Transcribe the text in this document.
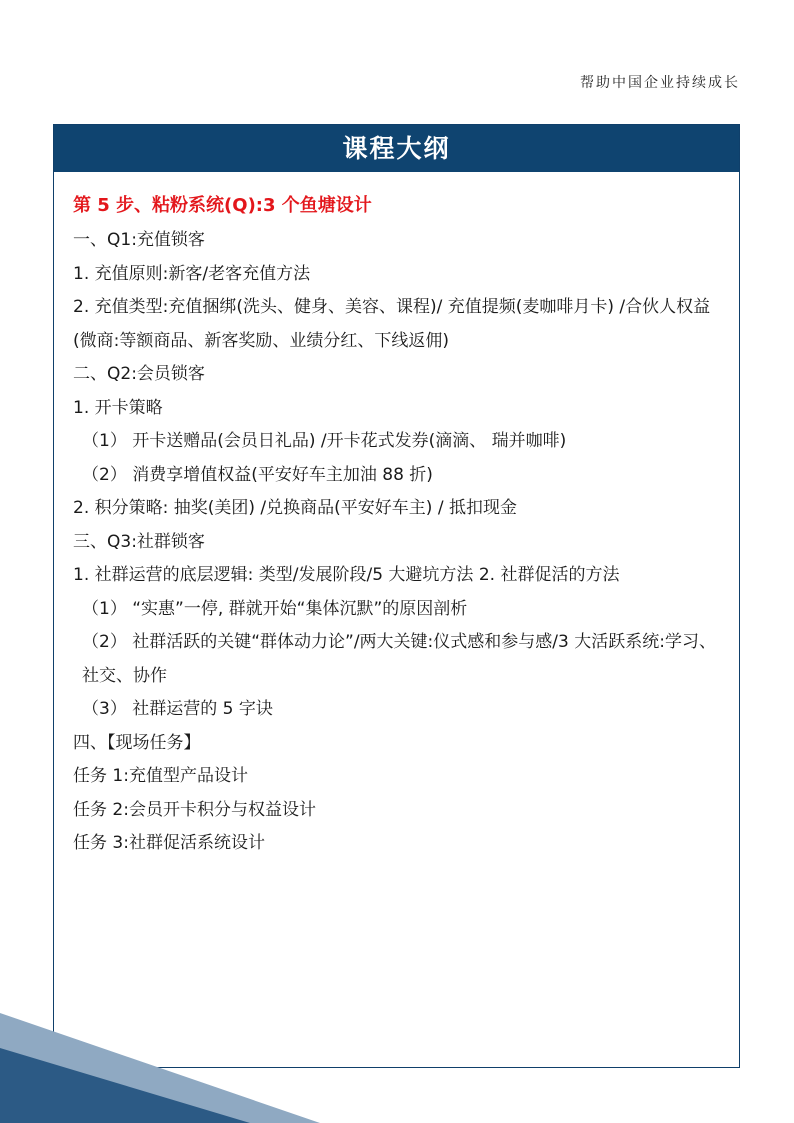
帮助中国企业持续成长
课程大纲

第 5 步、粘粉系统(Q):3 个鱼塘设计

一、Q1:充值锁客

1. 充值原则:新客/老客充值方法

2. 充值类型:充值捆绑(洗头、健身、美容、课程)/ 充值提频(麦咖啡月卡) /合伙人权益(微商:等额商品、新客奖励、业绩分红、下线返佣)

二、Q2:会员锁客

1. 开卡策略

（1） 开卡送赠品(会员日礼品) /开卡花式发券(滴滴、 瑞并咖啡)

（2） 消费享增值权益(平安好车主加油 88 折)

2. 积分策略: 抽奖(美团) /兑换商品(平安好车主) / 抵扣现金

三、Q3:社群锁客

1. 社群运营的底层逻辑: 类型/发展阶段/5 大避坑方法 2. 社群促活的方法

（1） “实惠”一停, 群就开始“集体沉默”的原因剖析

（2） 社群活跃的关键“群体动力论”/两大关键:仪式感和参与感/3 大活跃系统:学习、社交、协作

（3） 社群运营的 5 字诀

四、【现场任务】

任务 1:充值型产品设计

任务 2:会员开卡积分与权益设计

任务 3:社群促活系统设计
